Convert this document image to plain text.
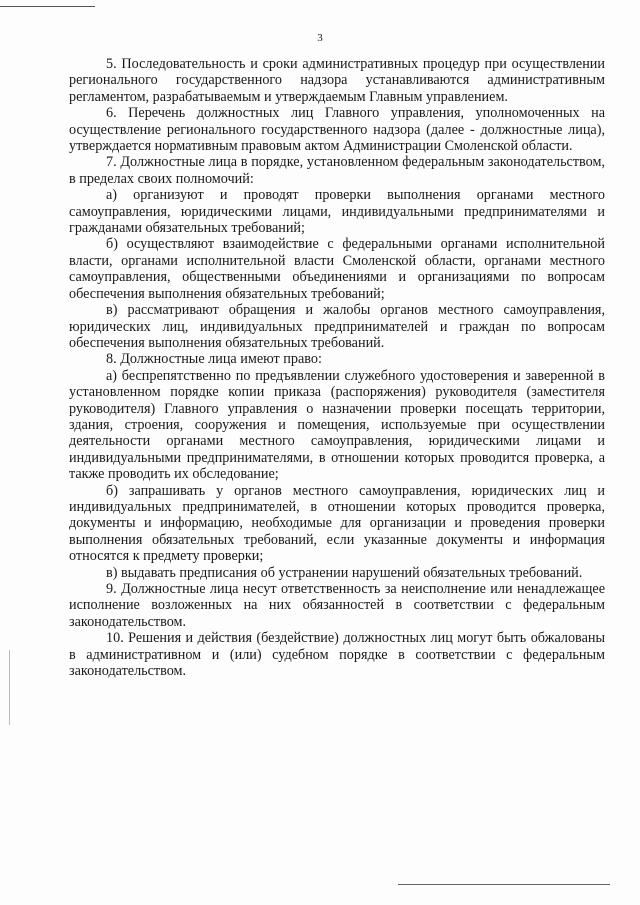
3

5. Последовательность и сроки административных процедур при осуществлении регионального государственного надзора устанавливаются административным регламентом, разрабатываемым и утверждаемым Главным управлением.

6. Перечень должностных лиц Главного управления, уполномоченных на осуществление регионального государственного надзора (далее - должностные лица), утверждается нормативным правовым актом Администрации Смоленской области.

7. Должностные лица в порядке, установленном федеральным законодательством, в пределах своих полномочий:

а) организуют и проводят проверки выполнения органами местного самоуправления, юридическими лицами, индивидуальными предпринимателями и гражданами обязательных требований;

б) осуществляют взаимодействие с федеральными органами исполнительной власти, органами исполнительной власти Смоленской области, органами местного самоуправления, общественными объединениями и организациями по вопросам обеспечения выполнения обязательных требований;

в) рассматривают обращения и жалобы органов местного самоуправления, юридических лиц, индивидуальных предпринимателей и граждан по вопросам обеспечения выполнения обязательных требований.

8. Должностные лица имеют право:

а) беспрепятственно по предъявлении служебного удостоверения и заверенной в установленном порядке копии приказа (распоряжения) руководителя (заместителя руководителя) Главного управления о назначении проверки посещать территории, здания, строения, сооружения и помещения, используемые при осуществлении деятельности органами местного самоуправления, юридическими лицами и индивидуальными предпринимателями, в отношении которых проводится проверка, а также проводить их обследование;

б) запрашивать у органов местного самоуправления, юридических лиц и индивидуальных предпринимателей, в отношении которых проводится проверка, документы и информацию, необходимые для организации и проведения проверки выполнения обязательных требований, если указанные документы и информация относятся к предмету проверки;

в) выдавать предписания об устранении нарушений обязательных требований.

9. Должностные лица несут ответственность за неисполнение или ненадлежащее исполнение возложенных на них обязанностей в соответствии с федеральным законодательством.

10. Решения и действия (бездействие) должностных лиц могут быть обжалованы в административном и (или) судебном порядке в соответствии с федеральным законодательством.
